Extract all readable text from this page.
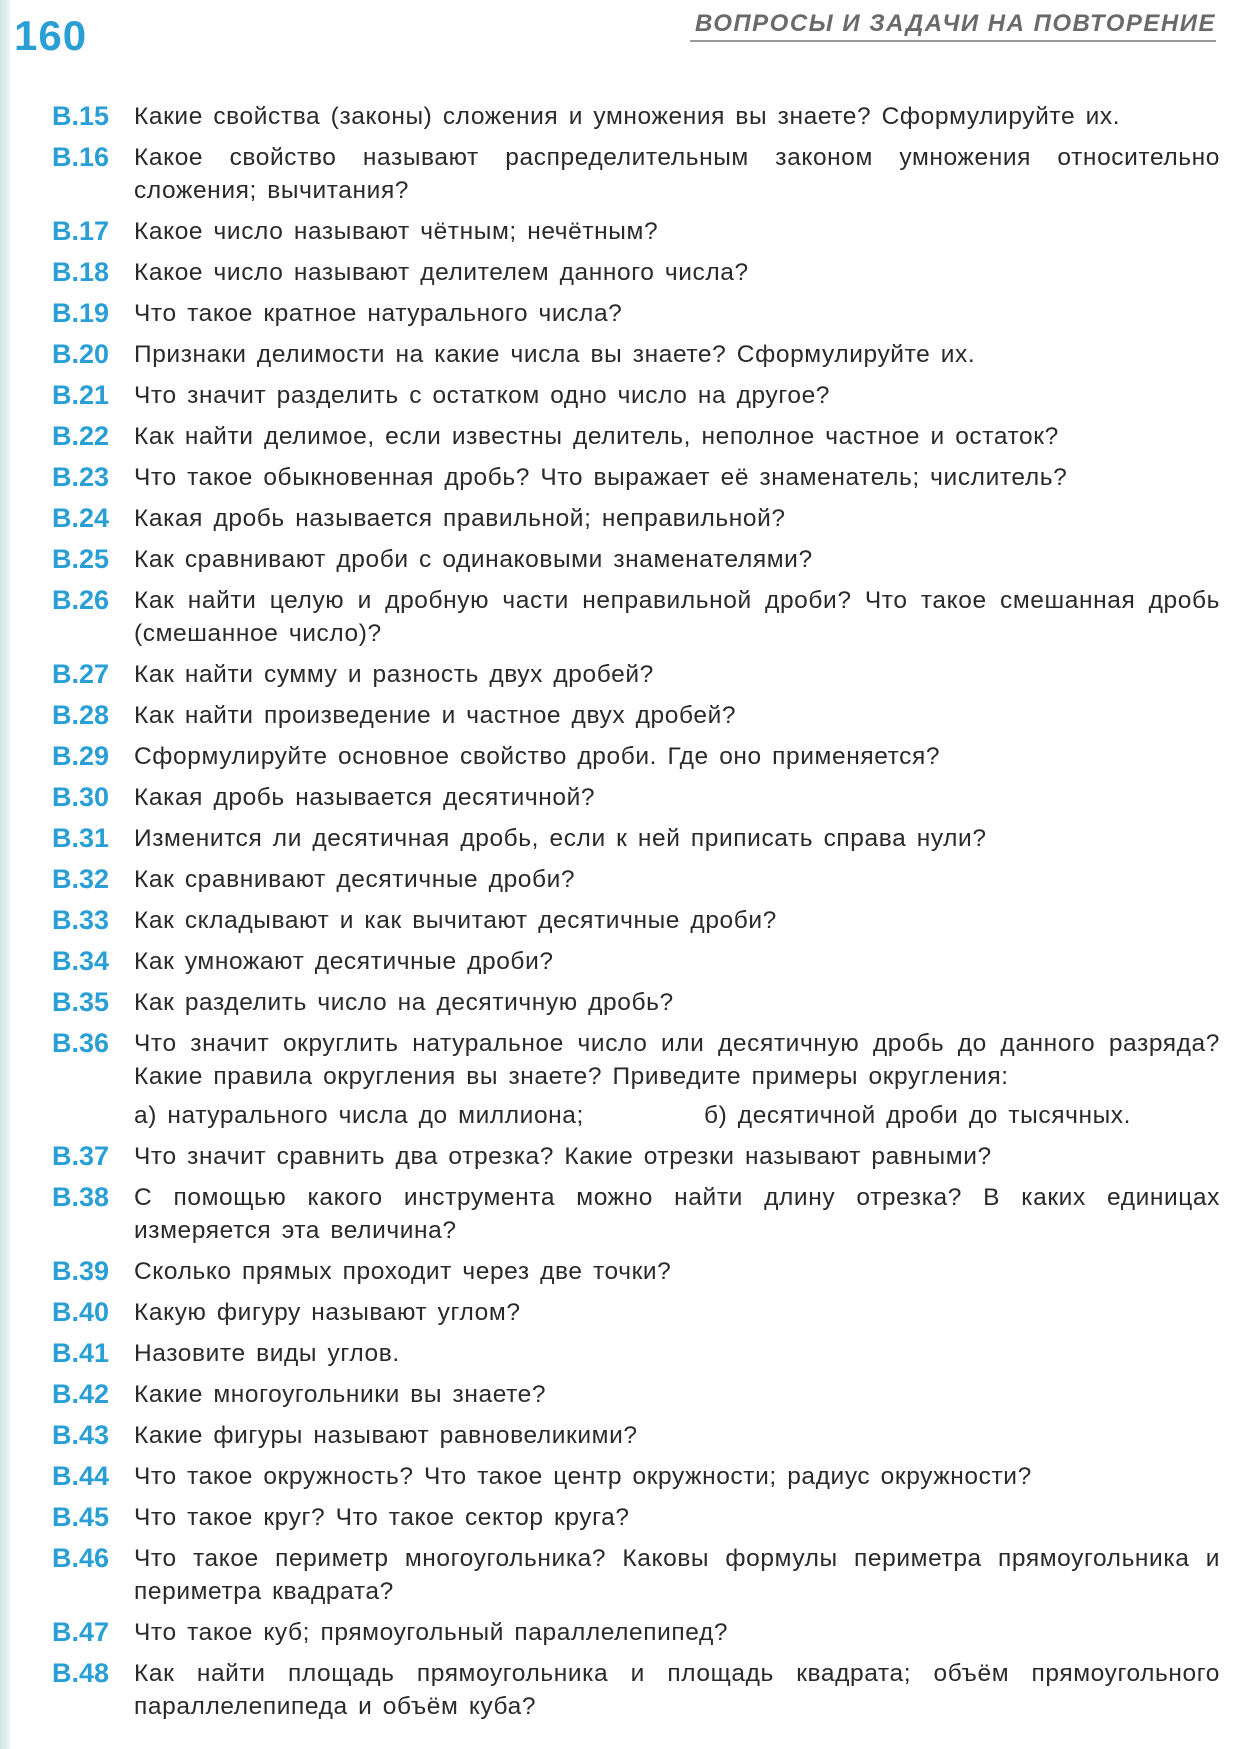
160	ВОПРОСЫ И ЗАДАЧИ НА ПОВТОРЕНИЕ
В.15	Какие свойства (законы) сложения и умножения вы знаете? Сформулируйте их.
В.16	Какое свойство называют распределительным законом умножения относительно сложения; вычитания?
В.17	Какое число называют чётным; нечётным?
В.18	Какое число называют делителем данного числа?
В.19	Что такое кратное натурального числа?
В.20	Признаки делимости на какие числа вы знаете? Сформулируйте их.
В.21	Что значит разделить с остатком одно число на другое?
В.22	Как найти делимое, если известны делитель, неполное частное и остаток?
В.23	Что такое обыкновенная дробь? Что выражает её знаменатель; числитель?
В.24	Какая дробь называется правильной; неправильной?
В.25	Как сравнивают дроби с одинаковыми знаменателями?
В.26	Как найти целую и дробную части неправильной дроби? Что такое смешанная дробь (смешанное число)?
В.27	Как найти сумму и разность двух дробей?
В.28	Как найти произведение и частное двух дробей?
В.29	Сформулируйте основное свойство дроби. Где оно применяется?
В.30	Какая дробь называется десятичной?
В.31	Изменится ли десятичная дробь, если к ней приписать справа нули?
В.32	Как сравнивают десятичные дроби?
В.33	Как складывают и как вычитают десятичные дроби?
В.34	Как умножают десятичные дроби?
В.35	Как разделить число на десятичную дробь?
В.36	Что значит округлить натуральное число или десятичную дробь до данного разряда? Какие правила округления вы знаете? Приведите примеры округления:
а) натурального числа до миллиона;	б) десятичной дроби до тысячных.
В.37	Что значит сравнить два отрезка? Какие отрезки называют равными?
В.38	С помощью какого инструмента можно найти длину отрезка? В каких единицах измеряется эта величина?
В.39	Сколько прямых проходит через две точки?
В.40	Какую фигуру называют углом?
В.41	Назовите виды углов.
В.42	Какие многоугольники вы знаете?
В.43	Какие фигуры называют равновеликими?
В.44	Что такое окружность? Что такое центр окружности; радиус окружности?
В.45	Что такое круг? Что такое сектор круга?
В.46	Что такое периметр многоугольника? Каковы формулы периметра прямоугольника и периметра квадрата?
В.47	Что такое куб; прямоугольный параллелепипед?
В.48	Как найти площадь прямоугольника и площадь квадрата; объём прямоугольного параллелепипеда и объём куба?
